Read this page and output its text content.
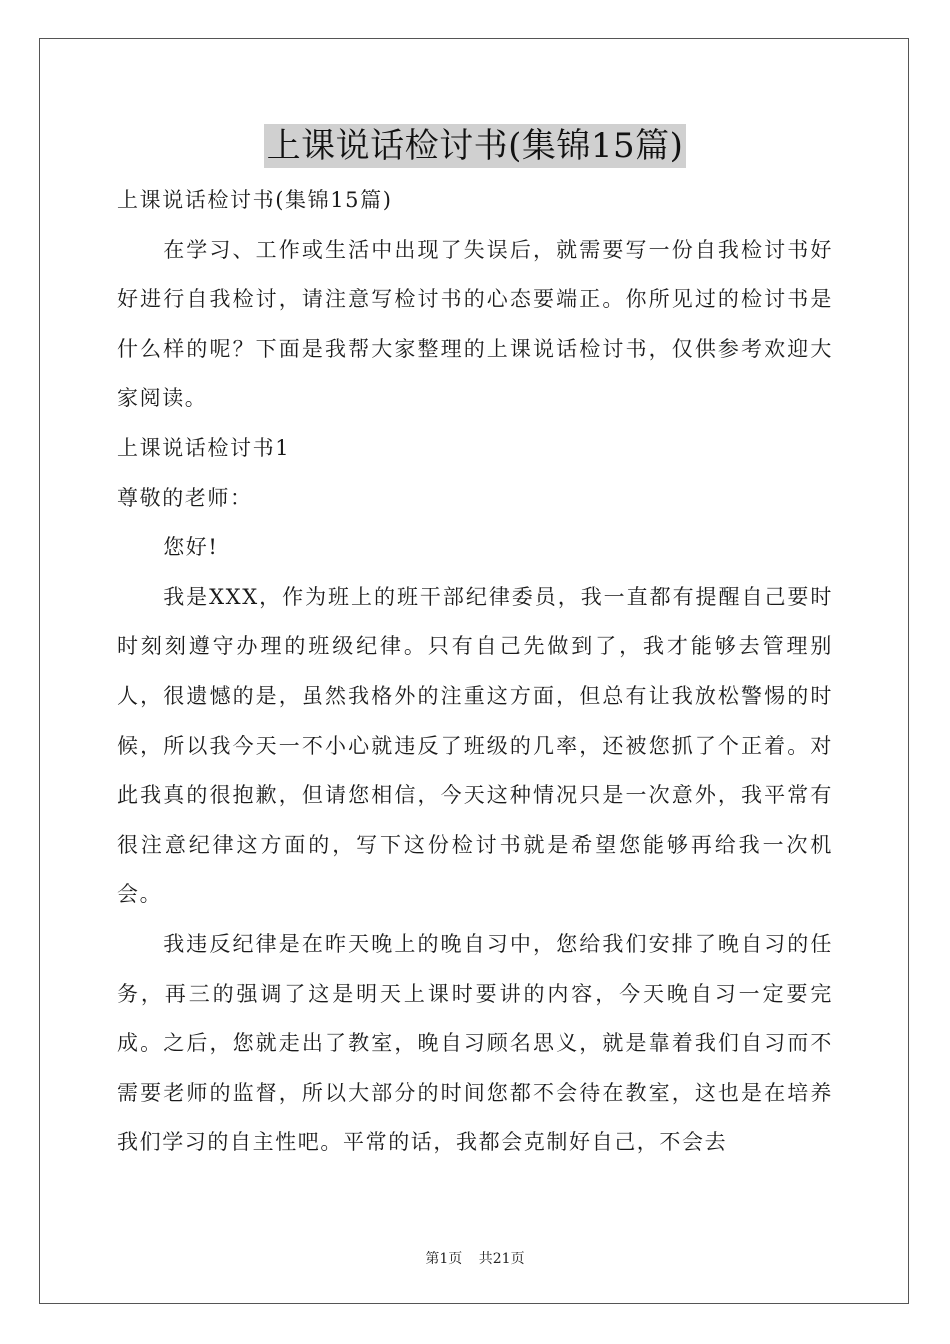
上课说话检讨书(集锦15篇)

上课说话检讨书(集锦15篇)

在学习、工作或生活中出现了失误后，就需要写一份自我检讨书好好进行自我检讨，请注意写检讨书的心态要端正。你所见过的检讨书是什么样的呢？下面是我帮大家整理的上课说话检讨书，仅供参考欢迎大家阅读。

上课说话检讨书1

尊敬的老师：

您好!

我是XXX，作为班上的班干部纪律委员，我一直都有提醒自己要时时刻刻遵守办理的班级纪律。只有自己先做到了，我才能够去管理别人，很遗憾的是，虽然我格外的注重这方面，但总有让我放松警惕的时候，所以我今天一不小心就违反了班级的几率，还被您抓了个正着。对此我真的很抱歉，但请您相信，今天这种情况只是一次意外，我平常有很注意纪律这方面的，写下这份检讨书就是希望您能够再给我一次机会。

我违反纪律是在昨天晚上的晚自习中，您给我们安排了晚自习的任务，再三的强调了这是明天上课时要讲的内容，今天晚自习一定要完成。之后，您就走出了教室，晚自习顾名思义，就是靠着我们自习而不需要老师的监督，所以大部分的时间您都不会待在教室，这也是在培养我们学习的自主性吧。平常的话，我都会克制好自己，不会去

第1页 共21页
